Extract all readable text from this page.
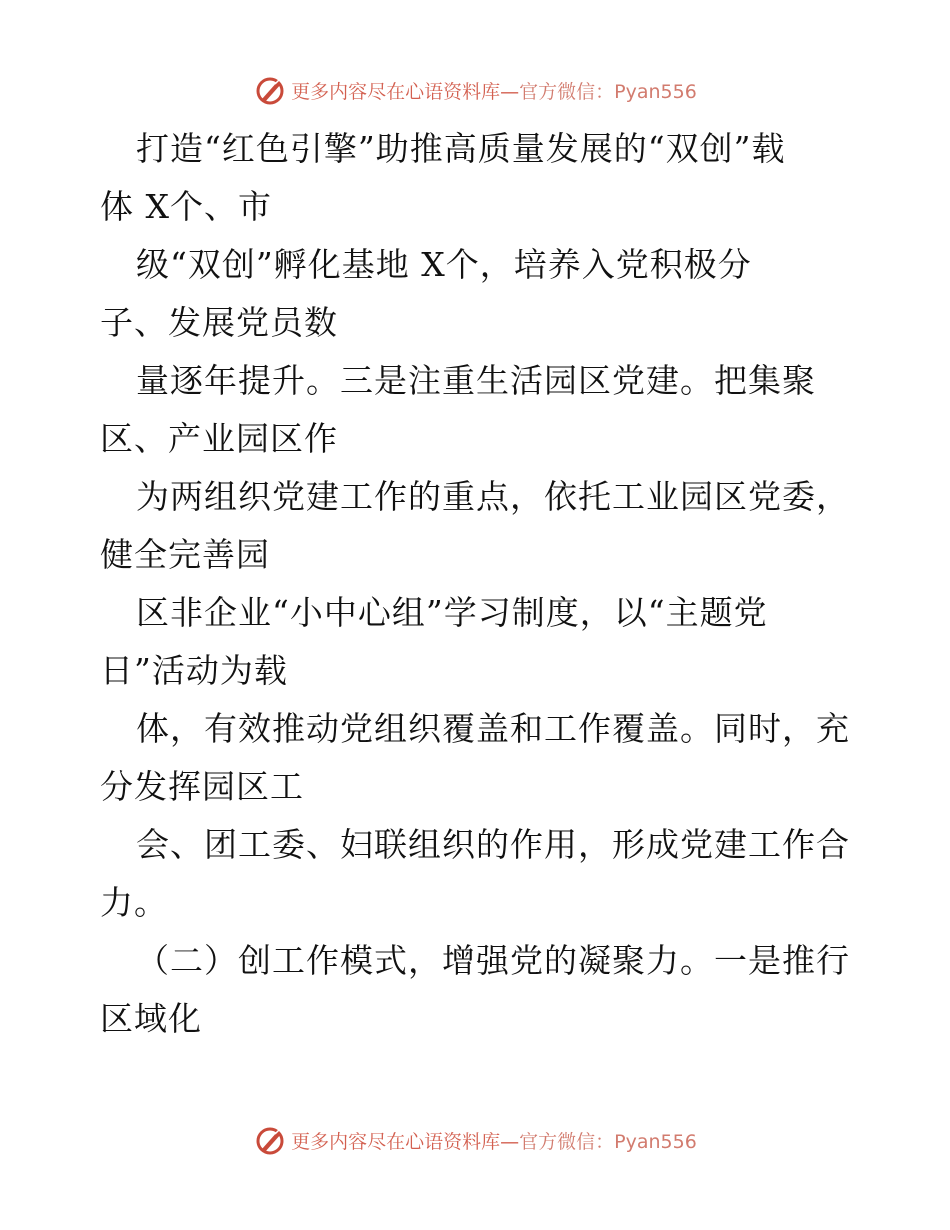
更多内容尽在心语资料库—官方微信：Pyan556
打造“红色引擎”助推高质量发展的“双创”载
体 X个、市
级“双创”孵化基地 X个，培养入党积极分
子、发展党员数
量逐年提升。三是注重生活园区党建。把集聚
区、产业园区作
为两组织党建工作的重点，依托工业园区党委，
健全完善园
区非企业“小中心组”学习制度，以“主题党
日”活动为载
体，有效推动党组织覆盖和工作覆盖。同时，充
分发挥园区工
会、团工委、妇联组织的作用，形成党建工作合
力。
（二）创工作模式，增强党的凝聚力。一是推行
区域化
更多内容尽在心语资料库—官方微信：Pyan556
